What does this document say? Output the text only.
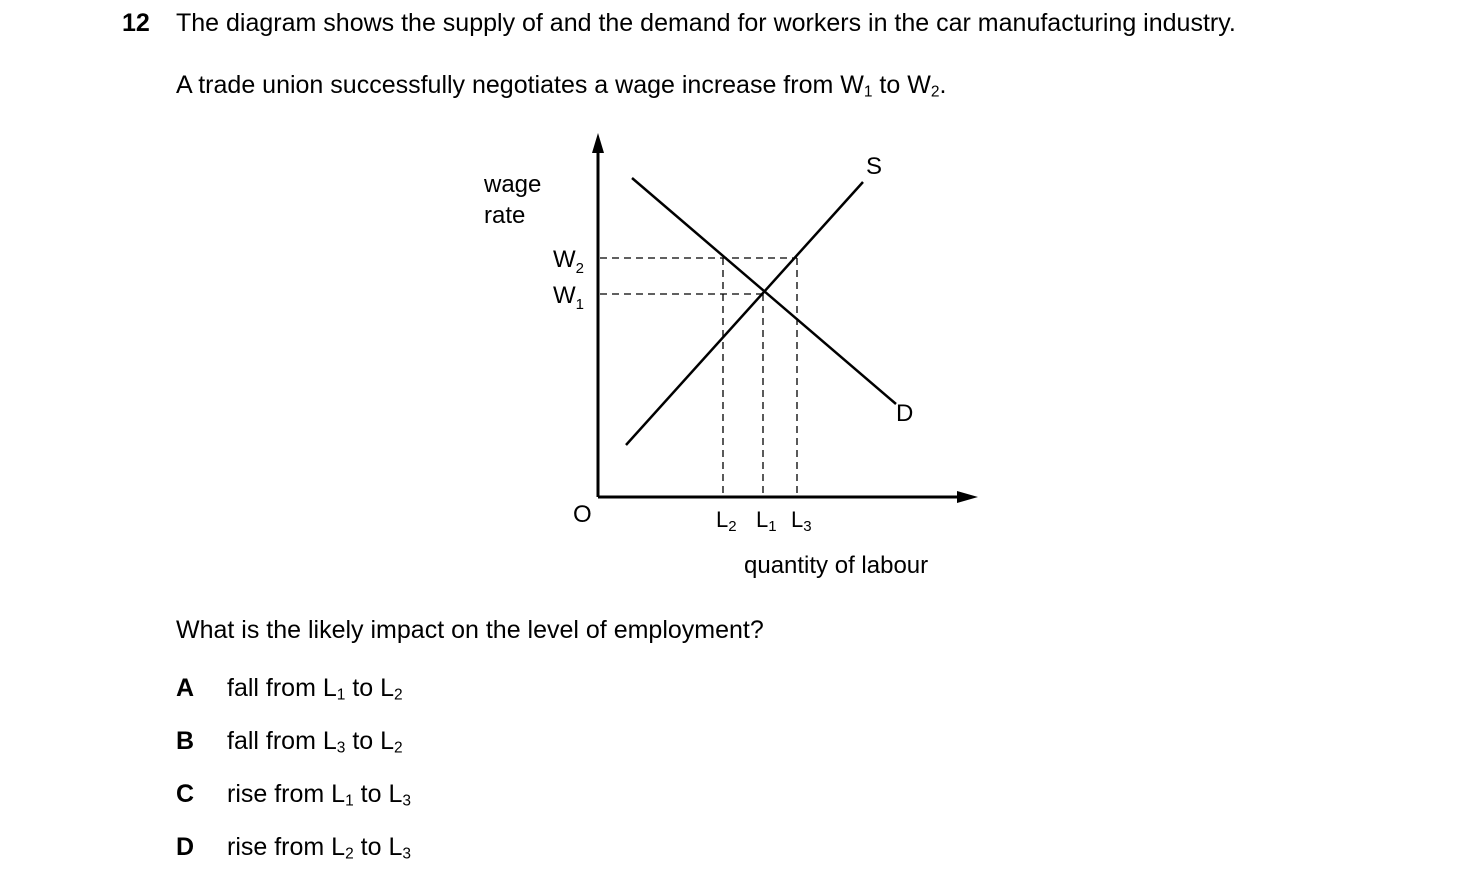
12 The diagram shows the supply of and the demand for workers in the car manufacturing industry.
A trade union successfully negotiates a wage increase from $W_1$ to $W_2$.
wage
rate
$W_2$
$W_1$
O	L2 L1 L3
quantity of labour
S
D
What is the likely impact on the level of employment?
A fall from $L_1$ to $L_2$
B fall from $L_3$ to $L_2$
C rise from $L_1$ to $L_3$
D rise from $L_2$ to $L_3$
